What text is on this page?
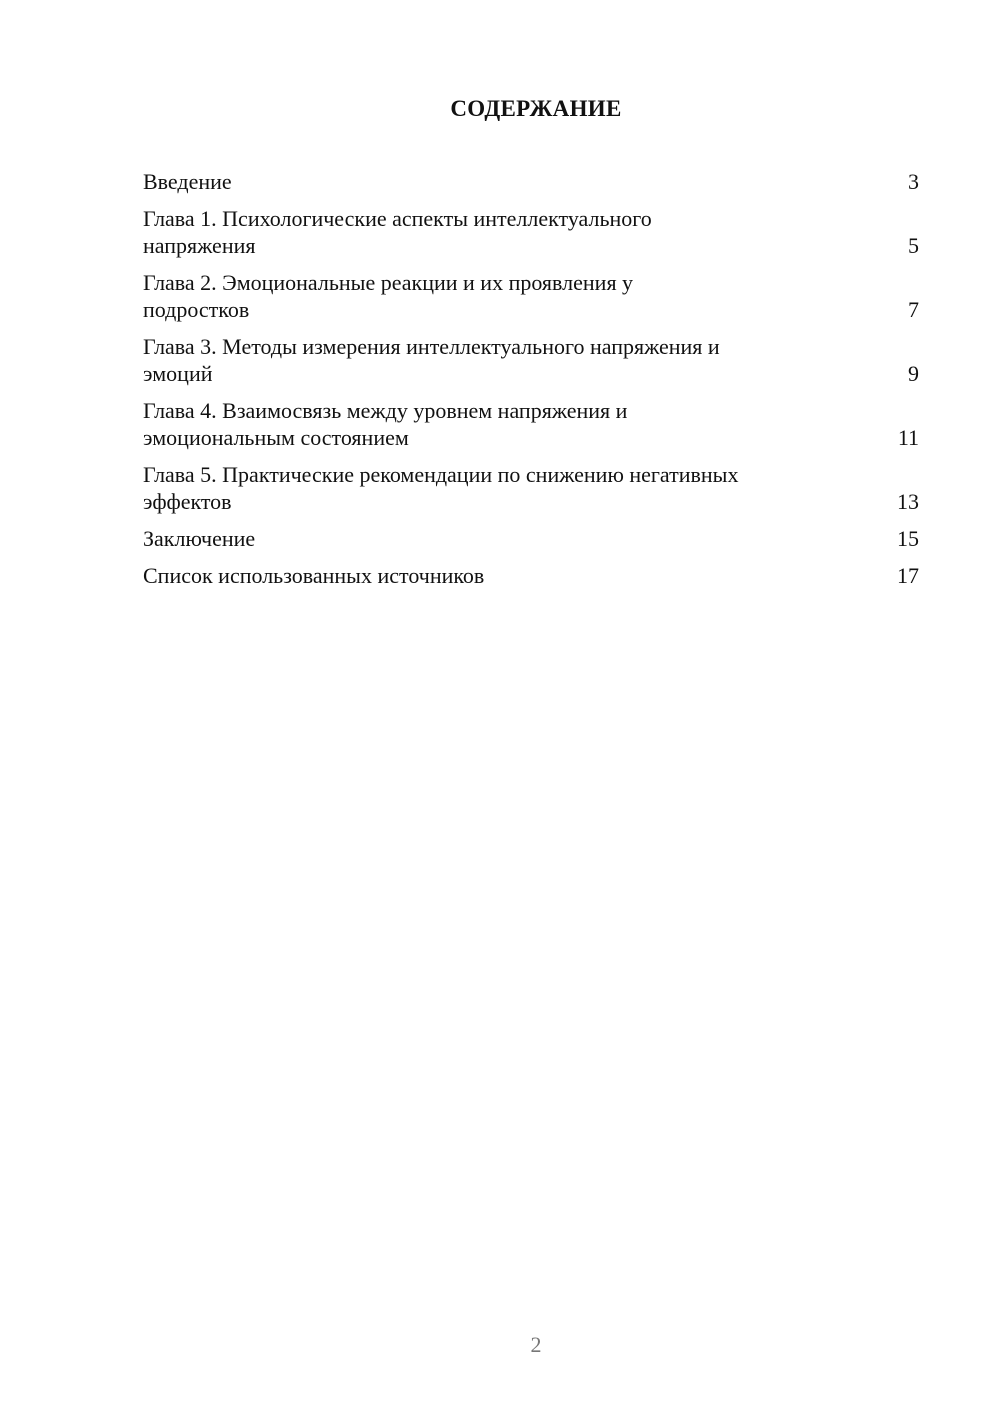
СОДЕРЖАНИЕ
Введение	3
Глава 1. Психологические аспекты интеллектуального
напряжения	5
Глава 2. Эмоциональные реакции и их проявления у
подростков	7
Глава 3. Методы измерения интеллектуального напряжения и
эмоций	9
Глава 4. Взаимосвязь между уровнем напряжения и
эмоциональным состоянием	11
Глава 5. Практические рекомендации по снижению негативных
эффектов	13
Заключение	15
Список использованных источников	17
2
